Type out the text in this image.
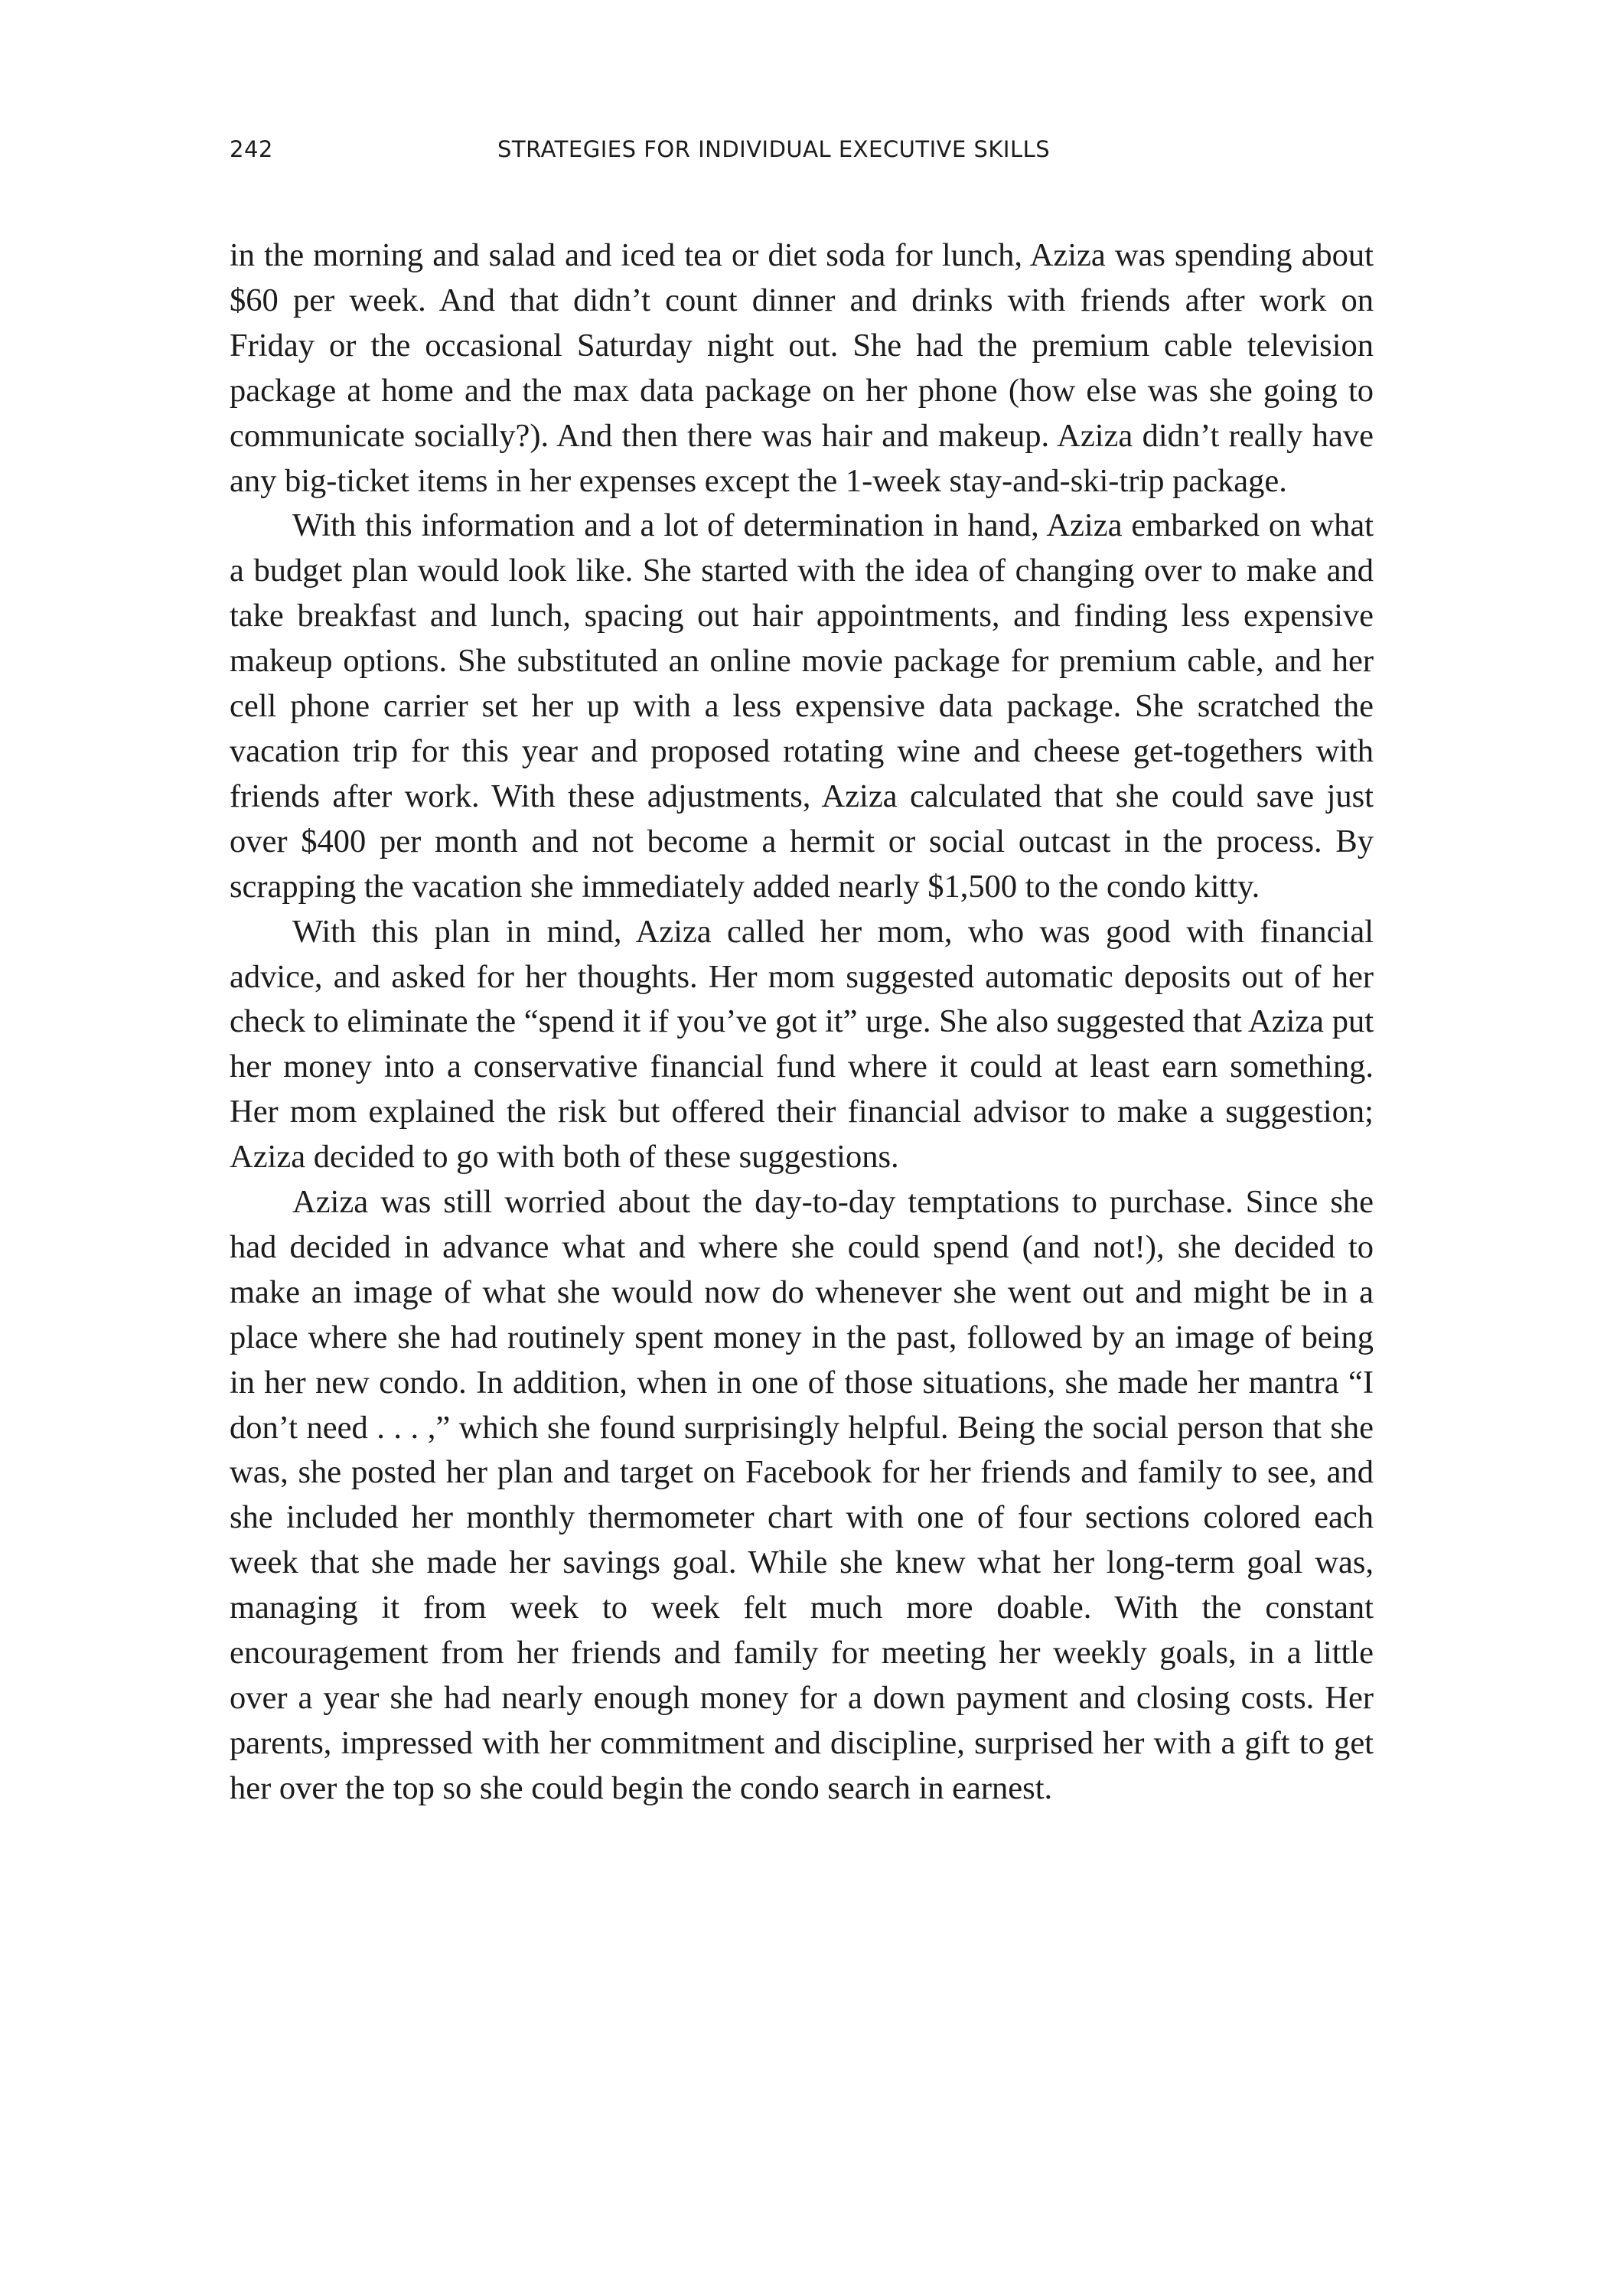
242	STRATEGIES FOR INDIVIDUAL EXECUTIVE SKILLS

in the morning and salad and iced tea or diet soda for lunch, Aziza was spending about $60 per week. And that didn’t count dinner and drinks with friends after work on Friday or the occasional Saturday night out. She had the premium cable television package at home and the max data package on her phone (how else was she going to communicate socially?). And then there was hair and makeup. Aziza didn’t really have any big-ticket items in her expenses except the 1-week stay-and-ski-trip package.

With this information and a lot of determination in hand, Aziza embarked on what a budget plan would look like. She started with the idea of changing over to make and take breakfast and lunch, spacing out hair appointments, and finding less expensive makeup options. She substituted an online movie package for premium cable, and her cell phone carrier set her up with a less expensive data package. She scratched the vacation trip for this year and proposed rotating wine and cheese get-togethers with friends after work. With these adjustments, Aziza calculated that she could save just over $400 per month and not become a hermit or social outcast in the process. By scrapping the vacation she immediately added nearly $1,500 to the condo kitty.

With this plan in mind, Aziza called her mom, who was good with financial advice, and asked for her thoughts. Her mom suggested automatic deposits out of her check to eliminate the “spend it if you’ve got it” urge. She also suggested that Aziza put her money into a conservative financial fund where it could at least earn something. Her mom explained the risk but offered their financial advisor to make a suggestion; Aziza decided to go with both of these suggestions.

Aziza was still worried about the day-to-day temptations to purchase. Since she had decided in advance what and where she could spend (and not!), she decided to make an image of what she would now do whenever she went out and might be in a place where she had routinely spent money in the past, followed by an image of being in her new condo. In addition, when in one of those situations, she made her mantra “I don’t need . . . ,” which she found surprisingly helpful. Being the social person that she was, she posted her plan and target on Facebook for her friends and family to see, and she included her monthly thermometer chart with one of four sections colored each week that she made her savings goal. While she knew what her long-term goal was, managing it from week to week felt much more doable. With the constant encouragement from her friends and family for meeting her weekly goals, in a little over a year she had nearly enough money for a down payment and closing costs. Her parents, impressed with her commitment and discipline, surprised her with a gift to get her over the top so she could begin the condo search in earnest.
